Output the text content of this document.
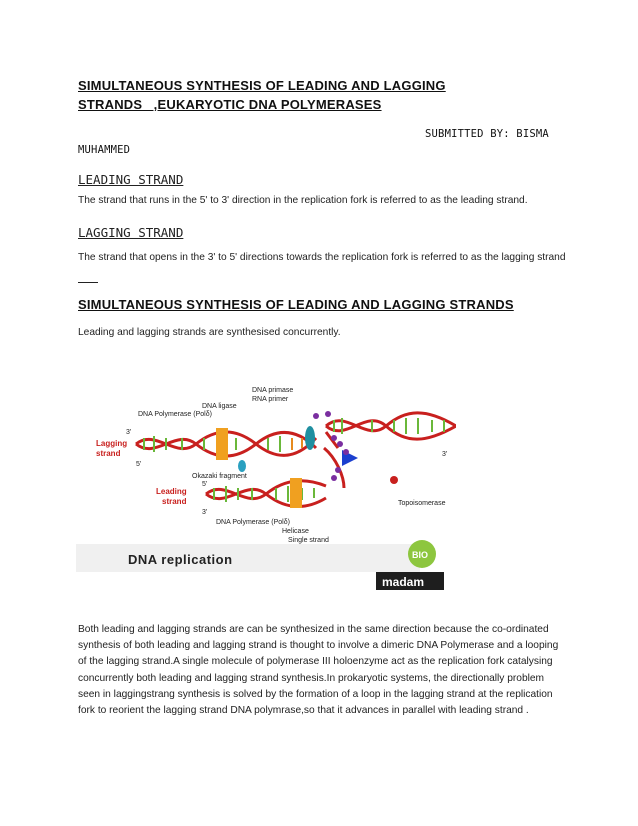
SIMULTANEOUS SYNTHESIS OF LEADING AND LAGGING
STRANDS   ,EUKARYOTIC DNA POLYMERASES
SUBMITTED BY: BISMA
MUHAMMED
LEADING STRAND
The strand that runs in the 5' to 3' direction in the replication fork is referred to as the leading strand.
LAGGING STRAND
The strand that opens in the 3' to 5' directions towards the replication fork is referred to as the lagging strand
SIMULTANEOUS SYNTHESIS OF LEADING AND LAGGING STRANDS
Leading and lagging strands are synthesised concurrently.
DNA primase
RNA primer
DNA ligase
DNA Polymerase (Polδ)
Lagging
strand
3'
5'
Okazaki fragment
Leading
strand
5'
3'
3'
DNA Polymerase (Polδ)
Helicase
Single strand
Topoisomerase
DNA replication	BIO
madam
Both leading and lagging strands are can be synthesized in the same direction because the co-ordinated synthesis of both leading and lagging strand is thought to involve a dimeric DNA Polymerase and a looping of the lagging strand.A single molecule of polymerase III holoenzyme act as the replication fork catalysing concurrently both leading and lagging strand synthesis.In prokaryotic systems, the directionally problem seen in laggingstrang synthesis is solved by the formation of a loop in the lagging strand at the replication fork to reorient the lagging strand DNA polymrase,so that it advances in parallel with leading strand .
